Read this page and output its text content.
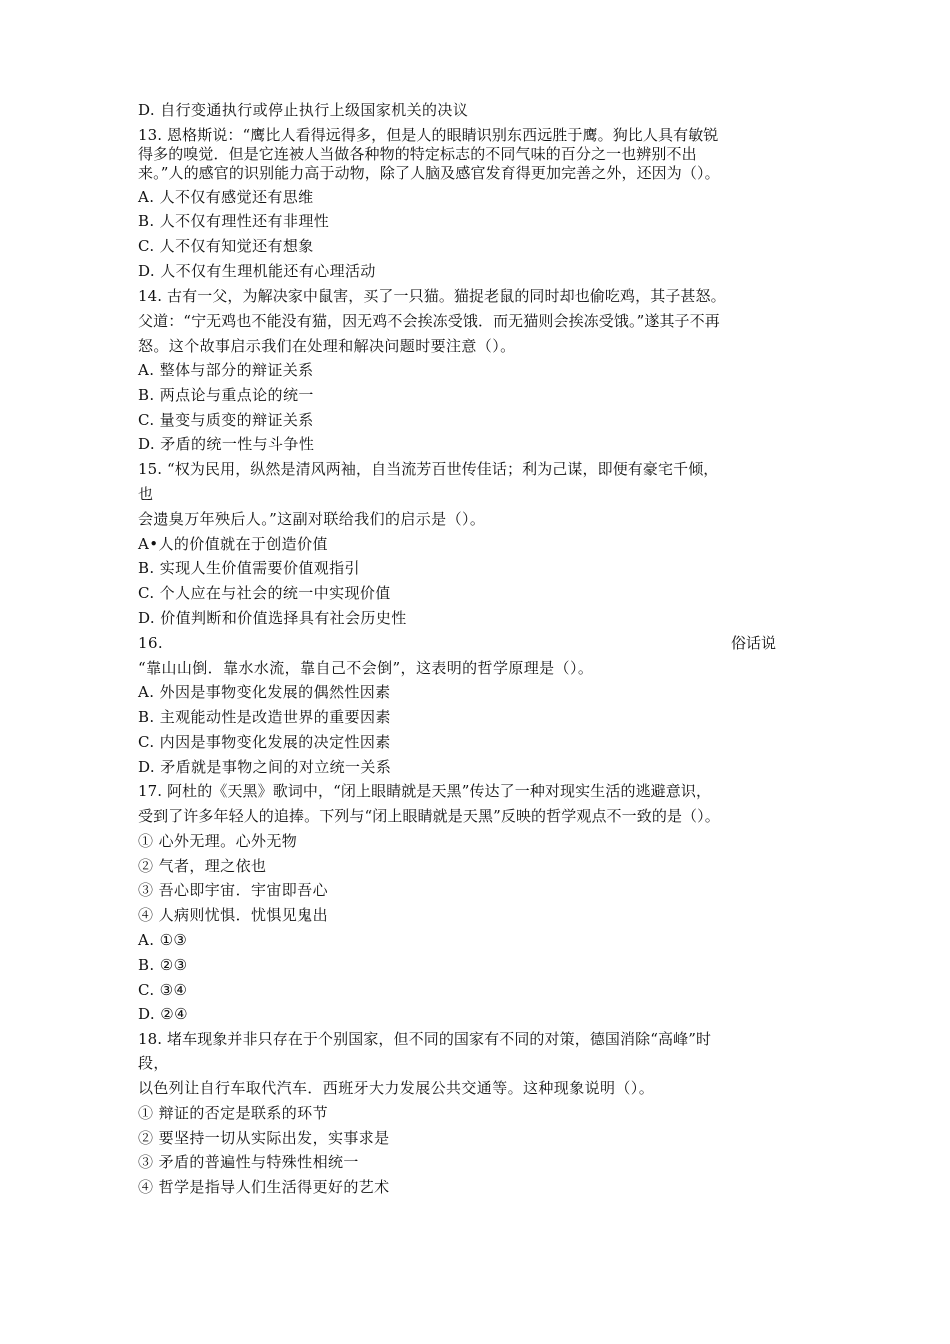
D. 自行变通执行或停止执行上级国家机关的决议
13. 恩格斯说：“鹰比人看得远得多，但是人的眼睛识别东西远胜于鹰。狗比人具有敏锐
得多的嗅觉．但是它连被人当做各种物的特定标志的不同气味的百分之一也辨别不出
来。”人的感官的识别能力高于动物，除了人脑及感官发育得更加完善之外，还因为（）。
A. 人不仅有感觉还有思维
B. 人不仅有理性还有非理性
C. 人不仅有知觉还有想象
D. 人不仅有生理机能还有心理活动
14. 古有一父，为解决家中鼠害，买了一只猫。猫捉老鼠的同时却也偷吃鸡，其子甚怒。
父道：“宁无鸡也不能没有猫，因无鸡不会挨冻受饿．而无猫则会挨冻受饿。”遂其子不再
怒。这个故事启示我们在处理和解决问题时要注意（）。
A. 整体与部分的辩证关系
B. 两点论与重点论的统一
C. 量变与质变的辩证关系
D. 矛盾的统一性与斗争性
15. “权为民用，纵然是清风两袖，自当流芳百世传佳话；利为己谋，即便有豪宅千倾，
也
会遗臭万年殃后人。”这副对联给我们的启示是（）。
A•人的价值就在于创造价值
B. 实现人生价值需要价值观指引
C. 个人应在与社会的统一中实现价值
D. 价值判断和价值选择具有社会历史性
16.	俗话说
“靠山山倒．靠水水流，靠自己不会倒”，这表明的哲学原理是（）。
A. 外因是事物变化发展的偶然性因素
B. 主观能动性是改造世界的重要因素
C. 内因是事物变化发展的决定性因素
D. 矛盾就是事物之间的对立统一关系
17. 阿杜的《天黑》歌词中，“闭上眼睛就是天黑”传达了一种对现实生活的逃避意识，
受到了许多年轻人的追捧。下列与“闭上眼睛就是天黑”反映的哲学观点不一致的是（）。
① 心外无理。心外无物
② 气者，理之依也
③ 吾心即宇宙．宇宙即吾心
④ 人病则忧惧．忧惧见鬼出
A. ①③
B. ②③
C. ③④
D. ②④
18. 堵车现象并非只存在于个别国家，但不同的国家有不同的对策，德国消除“高峰”时
段，
以色列让自行车取代汽车．西班牙大力发展公共交通等。这种现象说明（）。
① 辩证的否定是联系的环节
② 要坚持一切从实际出发，实事求是
③ 矛盾的普遍性与特殊性相统一
④ 哲学是指导人们生活得更好的艺术
